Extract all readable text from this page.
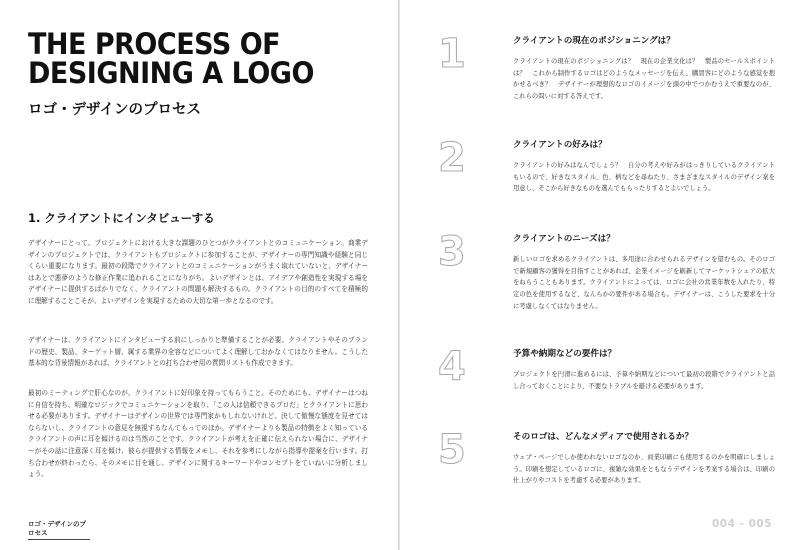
THE PROCESS OF
DESIGNING A LOGO
ロゴ・デザインのプロセス
1. クライアントにインタビューする

デザイナーにとって、プロジェクトにおける大きな課題のひとつがクライアントとのコミュニケーション。商業デザインのプロジェクトでは、クライアントもプロジェクトに参加することが、デザイナーの専門知識や経験と同じくらい重要になります。最初の段階でクライアントとのコミュニケーションがうまく取れていないと、デザイナーはあとで悪夢のような修正作業に追われることになりがち。よいデザインとは、アイデアや創造性を実現する場をデザイナーに提供するばかりでなく、クライアントの問題も解決するもの。クライアントの目的のすべてを積極的に理解することこそが、よいデザインを実現するための大切な第一歩となるのです。

デザイナーは、クライアントにインタビューする前にしっかりと準備することが必要。クライアントやそのブランドの歴史、製品、ターゲット層、属する業界の全容などについてよく理解しておかなくてはなりません。こうした基本的な背景情報があれば、クライアントとの打ち合わせ用の質問リストも作成できます。

最初のミーティングで肝心なのが、クライアントに好印象を持ってもらうこと。そのためにも、デザイナーはつねに自信を持ち、明確なロジックでコミュニケーションを取り、「この人は信頼できるプロだ」とクライアントに思わせる必要があります。デザイナーはデザインの世界では専門家かもしれないけれど、決して傲慢な態度を見せてはならないし、クライアントの意見を無視するなんてもってのほか。デザイナーよりも製品の特徴をよく知っているクライアントの声に耳を傾けるのは当然のことです。クライアントが考えを正確に伝えられない場合に、デザイナーがその話に注意深く耳を傾け、彼らが提供する情報をメモし、それを参考にしながら指導や提案を行います。打ち合わせが終わったら、そのメモに目を通し、デザインに関するキーワードやコンセプトをていねいに分析しましょう。

ロゴ・デザインのプロセス
1	クライアントの現在のポジショニングは？

クライアントの現在のポジショニングは？　現在の企業文化は？　製品のセールスポイントは？　これから制作するロゴはどのようなメッセージを伝え、購買客にどのような感覚を抱かせるべき？　デザイナーが理想的なロゴのイメージを頭の中でつかむうえで重要なのが、これらの問いに対する答えです。

2	クライアントの好みは？

クライアントの好みはなんでしょう？　自分の考えや好みがはっきりしているクライアントもいるので、好きなスタイル、色、柄などを尋ねたり、さまざまなスタイルのデザイン案を用意し、そこから好きなものを選んでもらったりするとよいでしょう。

3	クライアントのニーズは？

新しいロゴを求めるクライアントは、多用途に合わせられるデザインを望むもの。そのロゴで新規顧客の獲得を目指すことがあれば、企業イメージを刷新してマーケットシェアの拡大をねらうこともあります。クライアントによっては、ロゴに会社の営業年数を入れたり、特定の色を使用するなど、なんらかの要件がある場合も。デザイナーは、こうした要求を十分に考慮しなくてはなりません。

4	予算や納期などの要件は？

プロジェクトを円滑に進めるには、予算や納期などについて最初の段階でクライアントと話し合っておくことにより、不要なトラブルを避ける必要があります。

5	そのロゴは、どんなメディアで使用されるか？

ウェブ・ページでしか使われないロゴなのか、商業印刷にも使用するのかを明確にしましょう。印刷を想定しているロゴに、複雑な効果をともなうデザインを考案する場合は、印刷の仕上がりやコストを考慮する必要があります。

004 - 005
